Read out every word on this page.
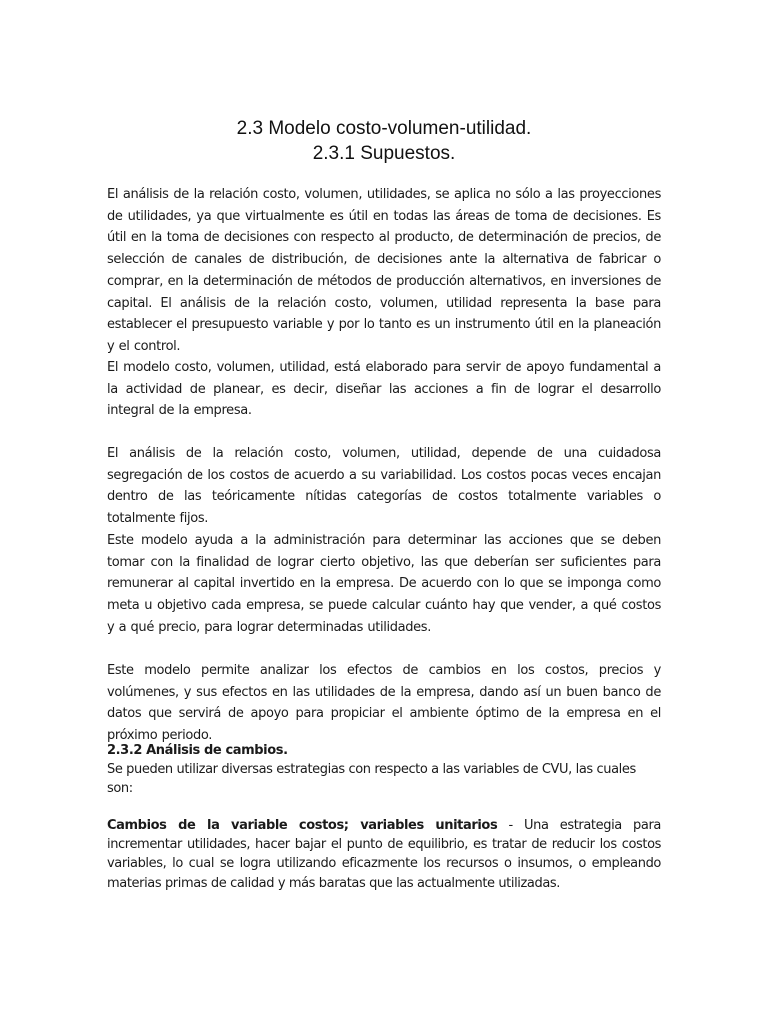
2.3 Modelo costo-volumen-utilidad.
2.3.1 Supuestos.

El análisis de la relación costo, volumen, utilidades, se aplica no sólo a las proyecciones de utilidades, ya que virtualmente es útil en todas las áreas de toma de decisiones. Es útil en la toma de decisiones con respecto al producto, de determinación de precios, de selección de canales de distribución, de decisiones ante la alternativa de fabricar o comprar, en la determinación de métodos de producción alternativos, en inversiones de capital. El análisis de la relación costo, volumen, utilidad representa la base para establecer el presupuesto variable y por lo tanto es un instrumento útil en la planeación y el control.

El modelo costo, volumen, utilidad, está elaborado para servir de apoyo fundamental a la actividad de planear, es decir, diseñar las acciones a fin de lograr el desarrollo integral de la empresa.

El análisis de la relación costo, volumen, utilidad, depende de una cuidadosa segregación de los costos de acuerdo a su variabilidad. Los costos pocas veces encajan dentro de las teóricamente nítidas categorías de costos totalmente variables o totalmente fijos.

Este modelo ayuda a la administración para determinar las acciones que se deben tomar con la finalidad de lograr cierto objetivo, las que deberían ser suficientes para remunerar al capital invertido en la empresa. De acuerdo con lo que se imponga como meta u objetivo cada empresa, se puede calcular cuánto hay que vender, a qué costos y a qué precio, para lograr determinadas utilidades.

Este modelo permite analizar los efectos de cambios en los costos, precios y volúmenes, y sus efectos en las utilidades de la empresa, dando así un buen banco de datos que servirá de apoyo para propiciar el ambiente óptimo de la empresa en el próximo periodo.

2.3.2 Análisis de cambios.

Se pueden utilizar diversas estrategias con respecto a las variables de CVU, las cuales son:

Cambios de la variable costos; variables unitarios - Una estrategia para incrementar utilidades, hacer bajar el punto de equilibrio, es tratar de reducir los costos variables, lo cual se logra utilizando eficazmente los recursos o insumos, o empleando materias primas de calidad y más baratas que las actualmente utilizadas.
